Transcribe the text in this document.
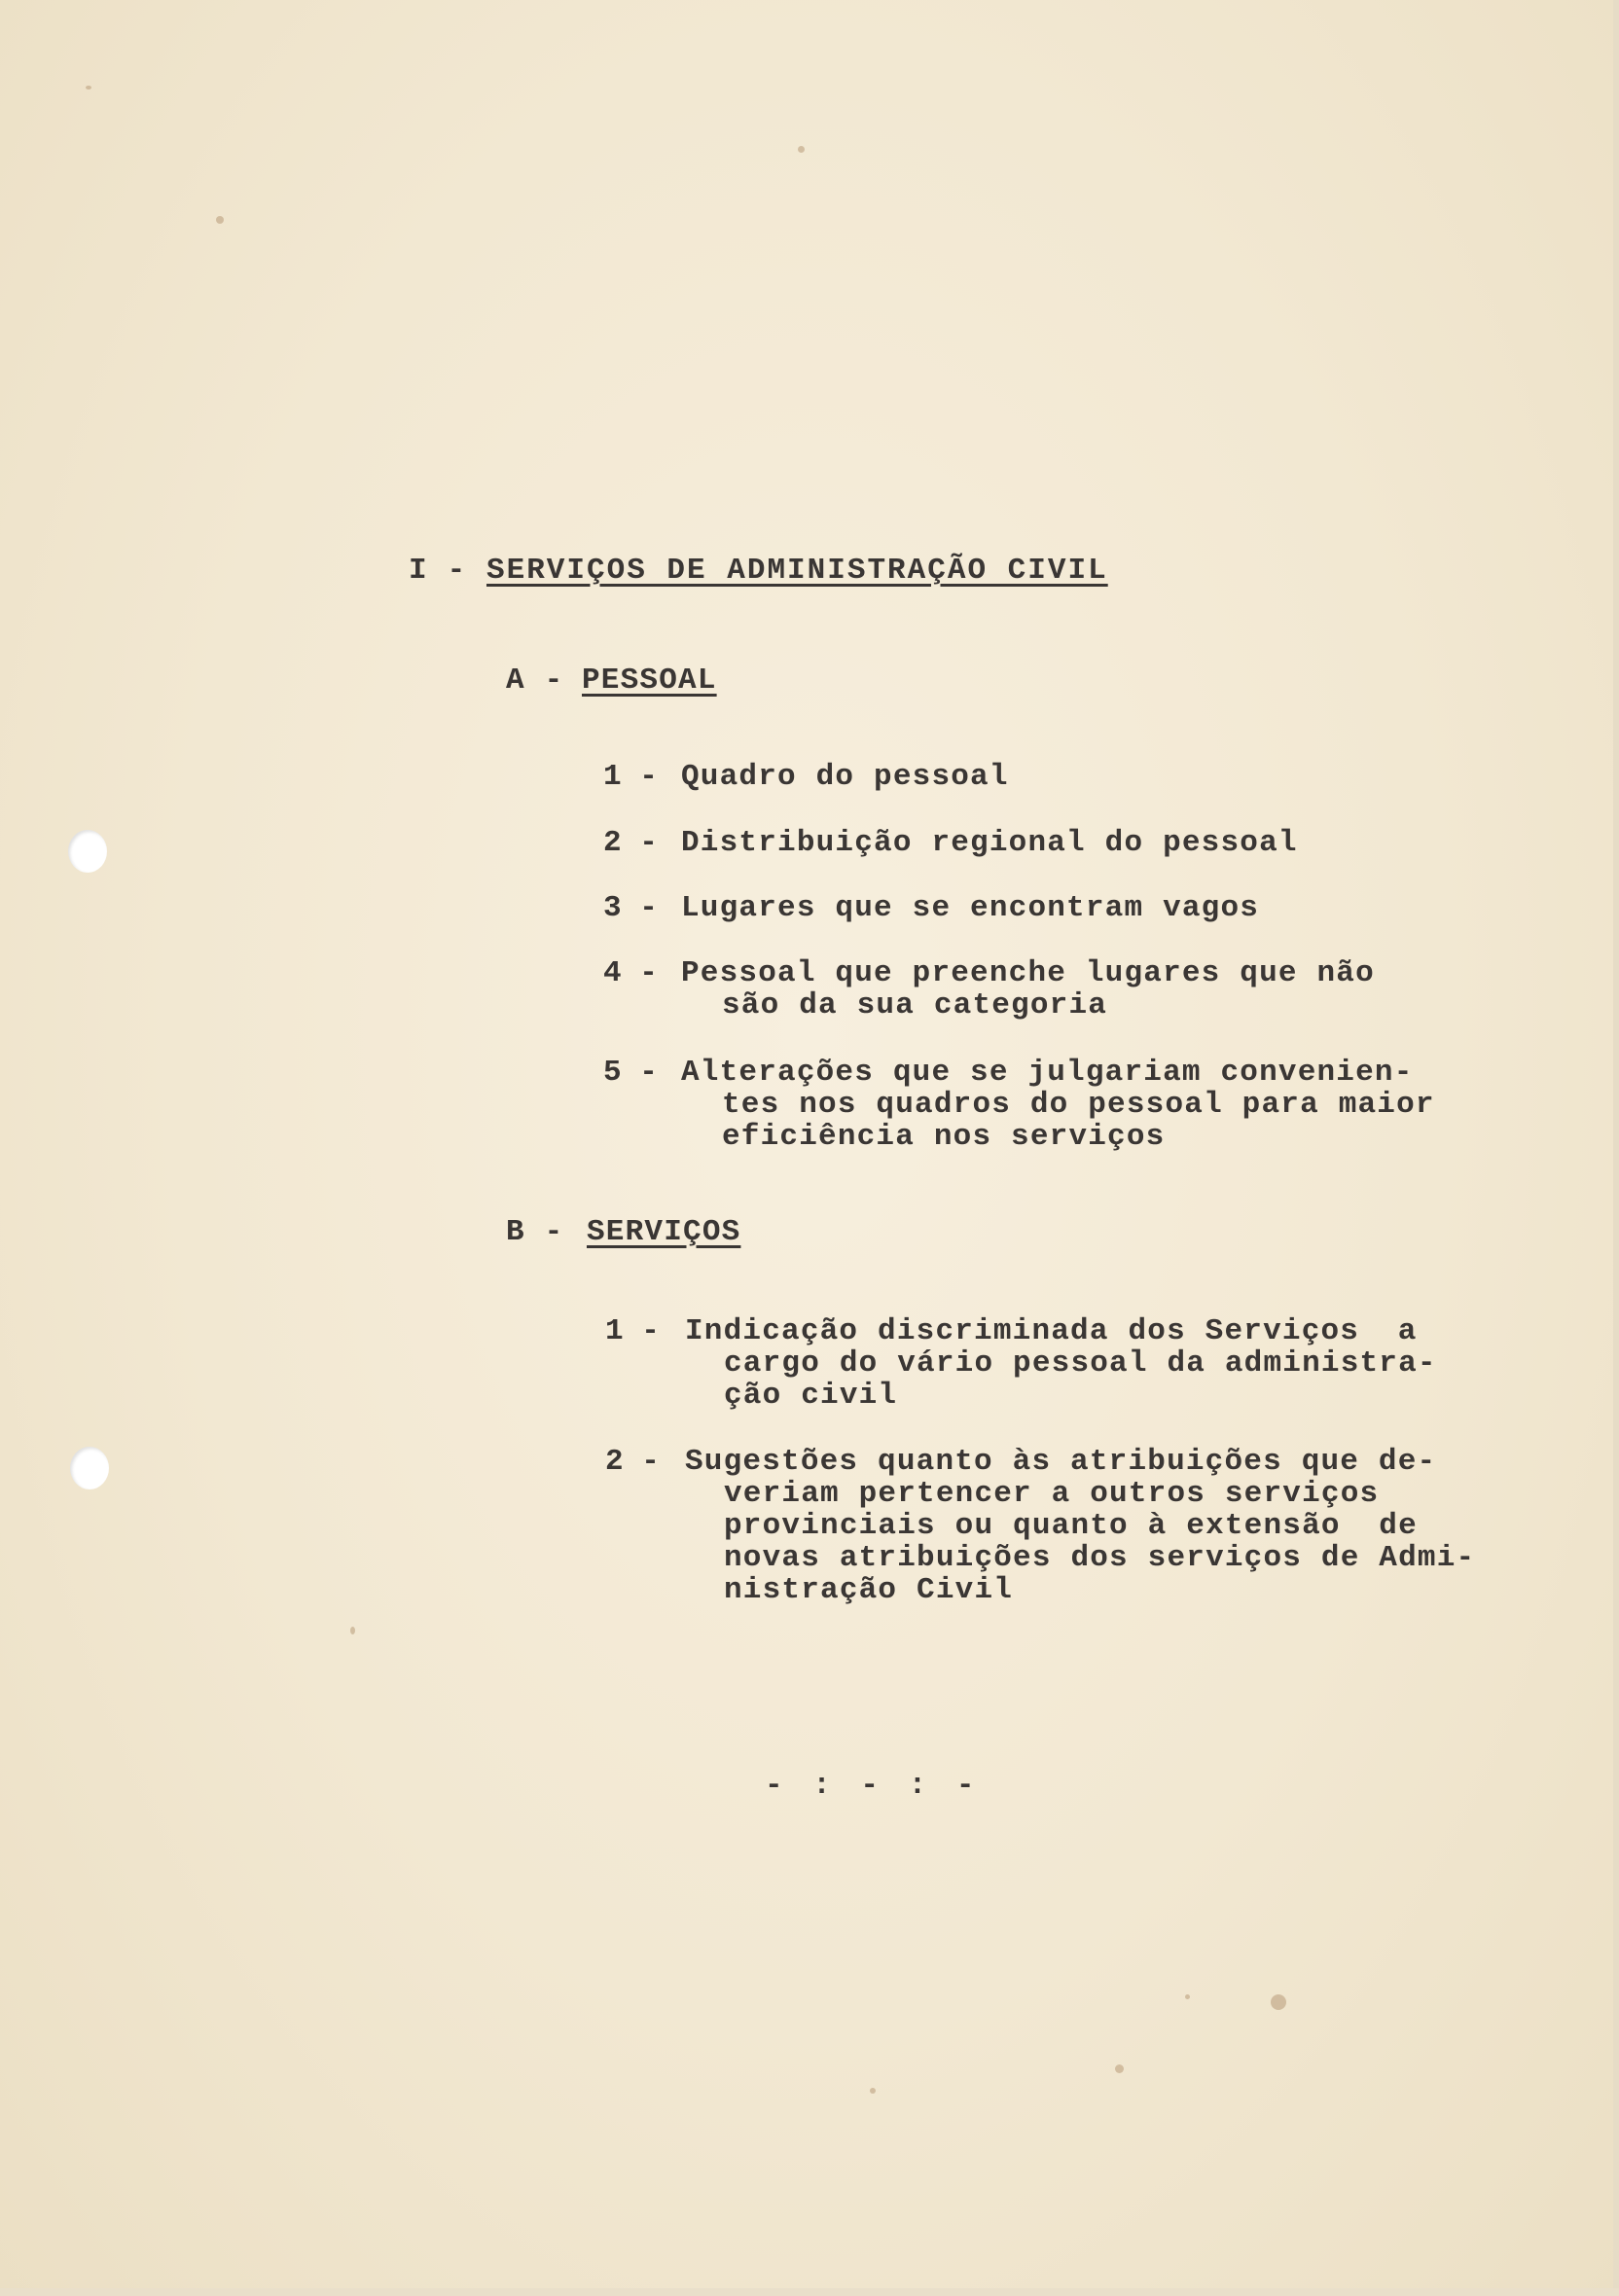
I - SERVIÇOS DE ADMINISTRAÇÃO CIVIL
A - PESSOAL
1 - Quadro do pessoal
2 - Distribuição regional do pessoal
3 - Lugares que se encontram vagos
4 - Pessoal que preenche lugares que não
são da sua categoria
5 - Alterações que se julgariam convenien-
tes nos quadros do pessoal para maior
eficiência nos serviços
B - SERVIÇOS
1 - Indicação discriminada dos Serviços  a
cargo do vário pessoal da administra-
ção civil
2 - Sugestões quanto às atribuições que de-
veriam pertencer a outros serviços
provinciais ou quanto à extensão  de
novas atribuições dos serviços de Admi-
nistração Civil
- : - : -
